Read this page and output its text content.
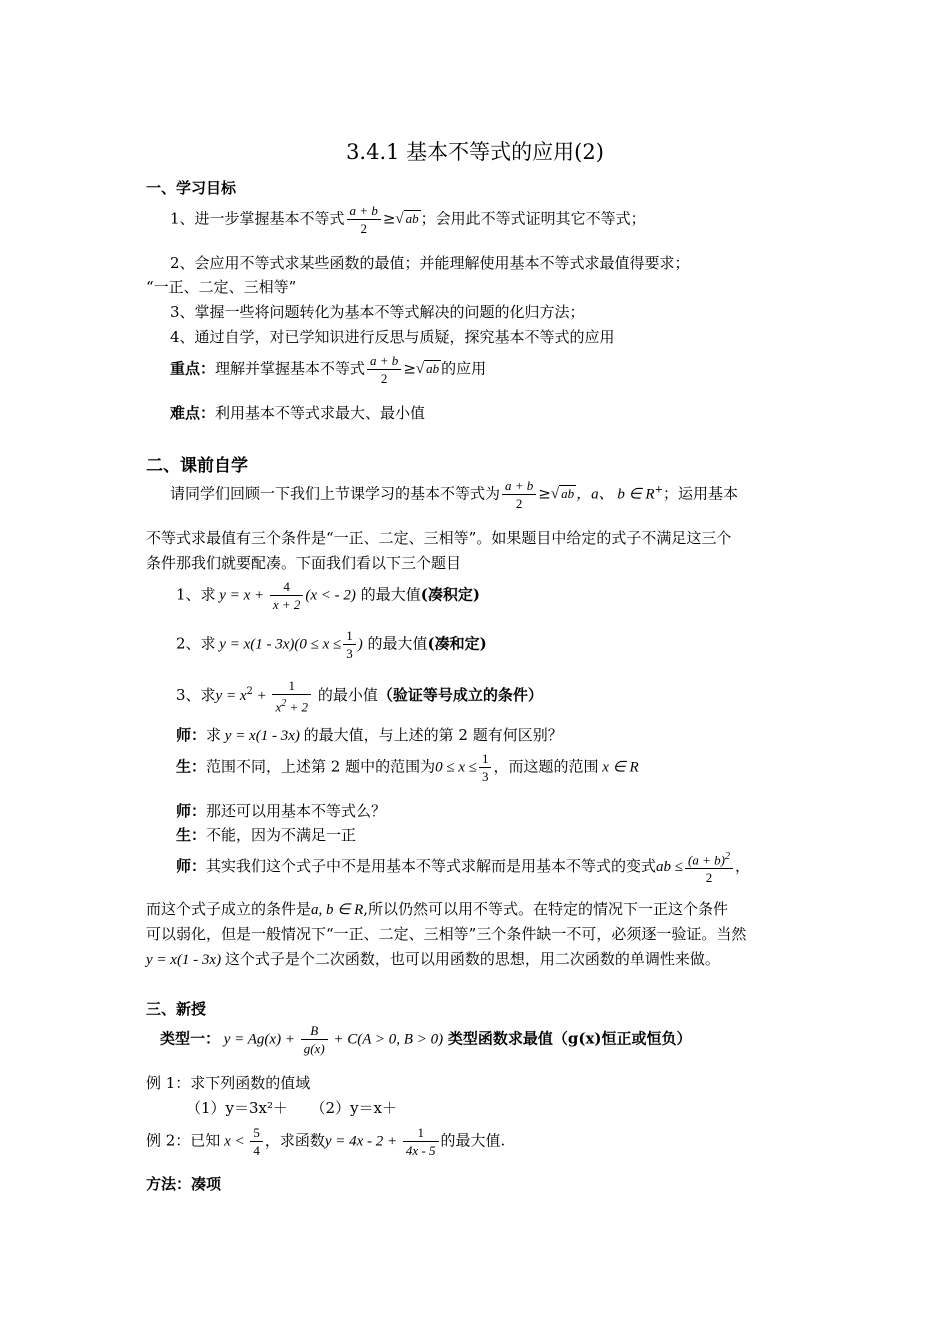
3.4.1 基本不等式的应用(2)
一、学习目标
1、进一步掌握基本不等式 $\frac{a + b}{2}$ ≥√ ab ；会用此不等式证明其它不等式；
2、会应用不等式求某些函数的最值；并能理解使用基本不等式求最值得要求；
“一正、二定、三相等”
3、掌握一些将问题转化为基本不等式解决的问题的化归方法；
4、通过自学，对已学知识进行反思与质疑，探究基本不等式的应用
重点：理解并掌握基本不等式 $\frac{a + b}{2}$ ≥√ ab 的应用
难点：利用基本不等式求最大、最小值
二、课前自学
请同学们回顾一下我们上节课学习的基本不等式为 $\frac{a + b}{2}$ ≥√ ab ，a、 b ∈ R+；运用基本
不等式求最值有三个条件是“一正、二定、三相等”。如果题目中给定的式子不满足这三个
条件那我们就要配凑。下面我们看以下三个题目
1、求 $y = x + \frac{4}{x + 2} (x$ < - 2) 的最大值(凑积定)
2、求 $y = x(1 - 3x)(0 \le x \le \frac{1}{3}$ ) 的最大值(凑和定)
3、求$y = x^2 + \frac{1}{x^2 + 2}$ 的最小值（验证等号成立的条件）
师：求 y = x(1 - 3x) 的最大值，与上述的第 2 题有何区别？
生：范围不同，上述第 2 题中的范围为$0 \le x \le \frac{1}{3}$ ，而这题的范围 x ∈ R
师：那还可以用基本不等式么？
生：不能，因为不满足一正
师：其实我们这个式子中不是用基本不等式求解而是用基本不等式的变式ab ≤ $\frac{(a + b)^2}{2}$ ，
而这个式子成立的条件是a, b ∈ R,所以仍然可以用不等式。在特定的情况下一正这个条件
可以弱化，但是一般情况下“一正、二定、三相等”三个条件缺一不可，必须逐一验证。当然
y = x(1 - 3x) 这个式子是个二次函数，也可以用函数的思想，用二次函数的单调性来做。
三、新授
类型一： $y = Ag(x) + \frac{B}{g(x)} + C(A > 0$, B > 0) 类型函数求最值（g(x)恒正或恒负）
例 1：求下列函数的值域
（1）y＝3x²＋　　（2）y＝x＋
例 2：已知 $x < \frac{5}{4}$ ，求函数$y = 4x - 2 + \frac{1}{4x - 5}$ 的最大值.
方法：凑项
